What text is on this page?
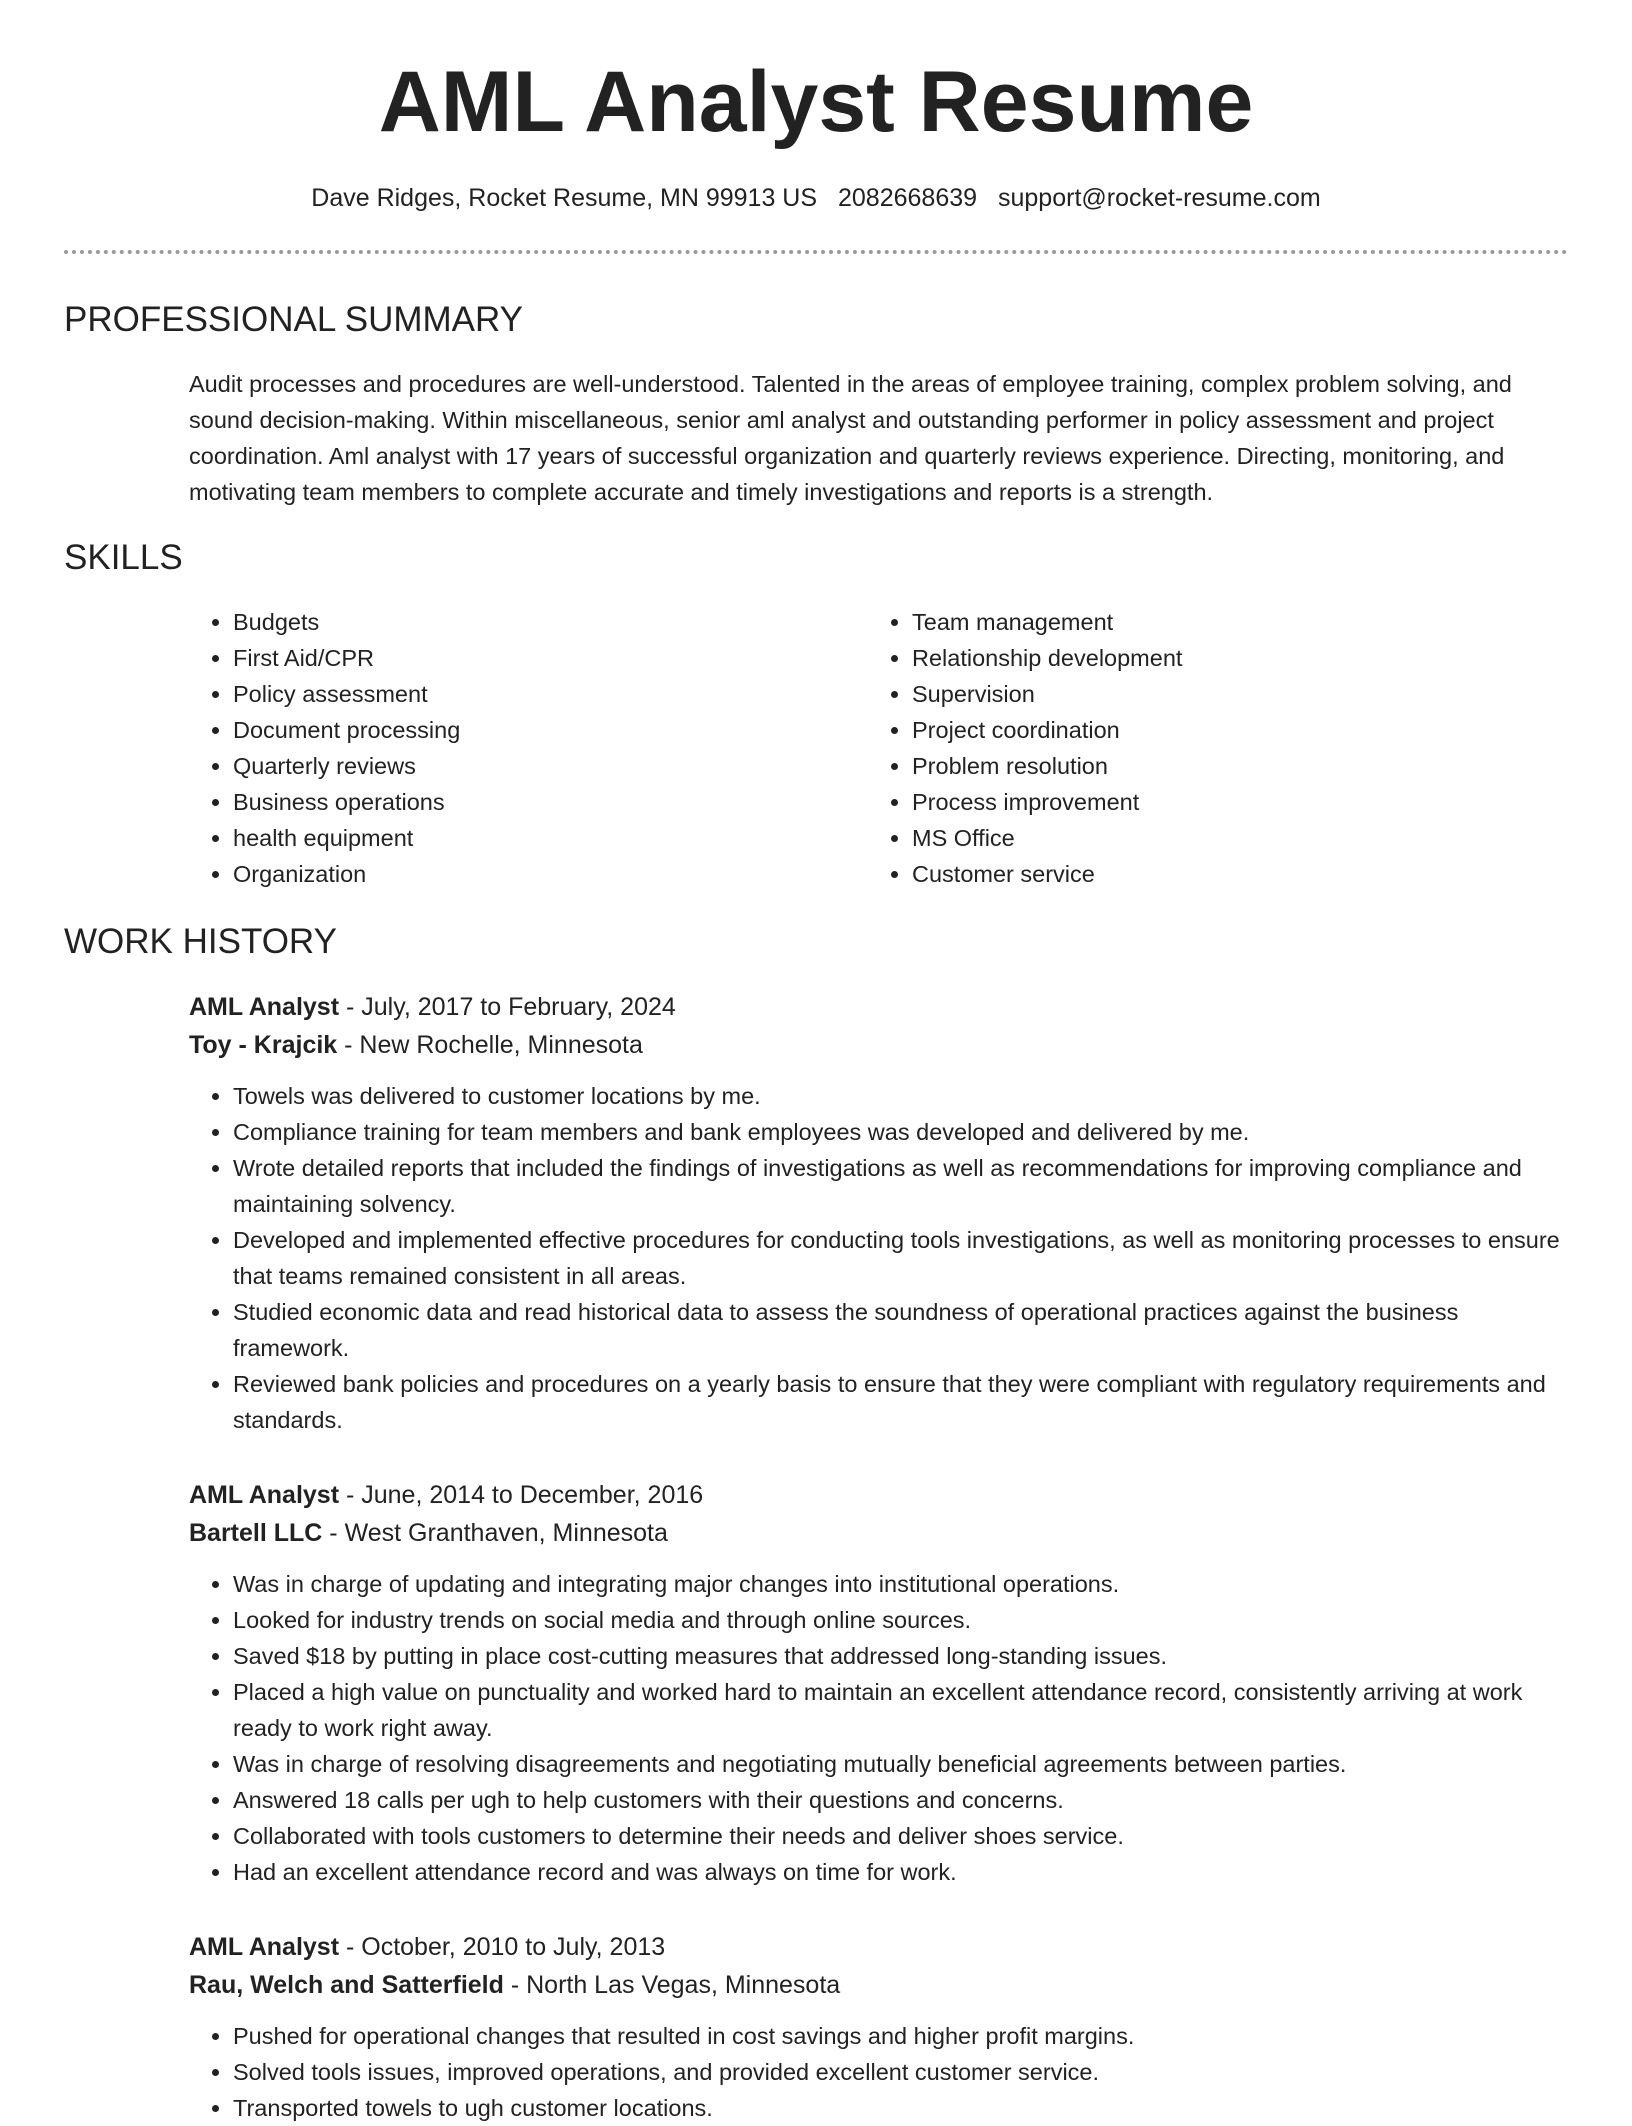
AML Analyst Resume
Dave Ridges, Rocket Resume, MN 99913 US 2082668639 support@rocket-resume.com
PROFESSIONAL SUMMARY
Audit processes and procedures are well-understood. Talented in the areas of employee training, complex problem solving, and sound decision-making. Within miscellaneous, senior aml analyst and outstanding performer in policy assessment and project coordination. Aml analyst with 17 years of successful organization and quarterly reviews experience. Directing, monitoring, and motivating team members to complete accurate and timely investigations and reports is a strength.
SKILLS
• Budgets
• First Aid/CPR
• Policy assessment
• Document processing
• Quarterly reviews
• Business operations
• health equipment
• Organization
• Team management
• Relationship development
• Supervision
• Project coordination
• Problem resolution
• Process improvement
• MS Office
• Customer service
WORK HISTORY
AML Analyst - July, 2017 to February, 2024
Toy - Krajcik - New Rochelle, Minnesota
• Towels was delivered to customer locations by me.
• Compliance training for team members and bank employees was developed and delivered by me.
• Wrote detailed reports that included the findings of investigations as well as recommendations for improving compliance and maintaining solvency.
• Developed and implemented effective procedures for conducting tools investigations, as well as monitoring processes to ensure that teams remained consistent in all areas.
• Studied economic data and read historical data to assess the soundness of operational practices against the business framework.
• Reviewed bank policies and procedures on a yearly basis to ensure that they were compliant with regulatory requirements and standards.
AML Analyst - June, 2014 to December, 2016
Bartell LLC - West Granthaven, Minnesota
• Was in charge of updating and integrating major changes into institutional operations.
• Looked for industry trends on social media and through online sources.
• Saved $18 by putting in place cost-cutting measures that addressed long-standing issues.
• Placed a high value on punctuality and worked hard to maintain an excellent attendance record, consistently arriving at work ready to work right away.
• Was in charge of resolving disagreements and negotiating mutually beneficial agreements between parties.
• Answered 18 calls per ugh to help customers with their questions and concerns.
• Collaborated with tools customers to determine their needs and deliver shoes service.
• Had an excellent attendance record and was always on time for work.
AML Analyst - October, 2010 to July, 2013
Rau, Welch and Satterfield - North Las Vegas, Minnesota
• Pushed for operational changes that resulted in cost savings and higher profit margins.
• Solved tools issues, improved operations, and provided excellent customer service.
• Transported towels to ugh customer locations.
